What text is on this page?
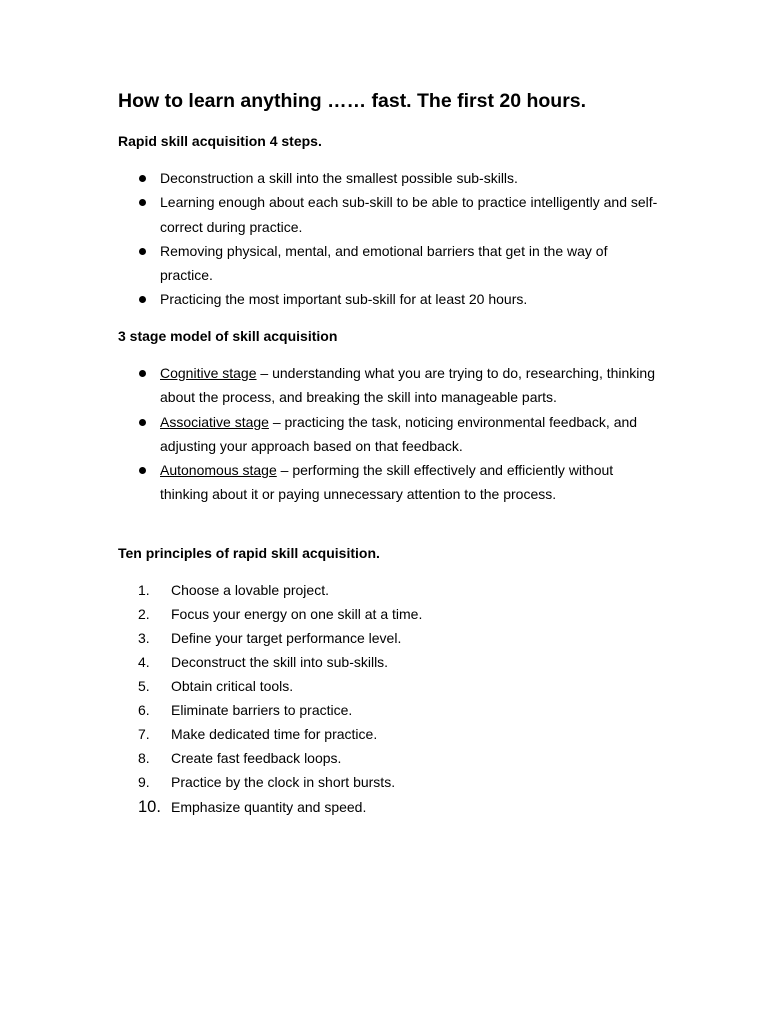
How to learn anything …… fast. The first 20 hours.
Rapid skill acquisition 4 steps.
Deconstruction a skill into the smallest possible sub-skills.
Learning enough about each sub-skill to be able to practice intelligently and self-correct during practice.
Removing physical, mental, and emotional barriers that get in the way of practice.
Practicing the most important sub-skill for at least 20 hours.
3 stage model of skill acquisition
Cognitive stage – understanding what you are trying to do, researching, thinking about the process, and breaking the skill into manageable parts.
Associative stage – practicing the task, noticing environmental feedback, and adjusting your approach based on that feedback.
Autonomous stage – performing the skill effectively and efficiently without thinking about it or paying unnecessary attention to the process.
Ten principles of rapid skill acquisition.
1. Choose a lovable project.
2. Focus your energy on one skill at a time.
3. Define your target performance level.
4. Deconstruct the skill into sub-skills.
5. Obtain critical tools.
6. Eliminate barriers to practice.
7. Make dedicated time for practice.
8. Create fast feedback loops.
9. Practice by the clock in short bursts.
10. Emphasize quantity and speed.
